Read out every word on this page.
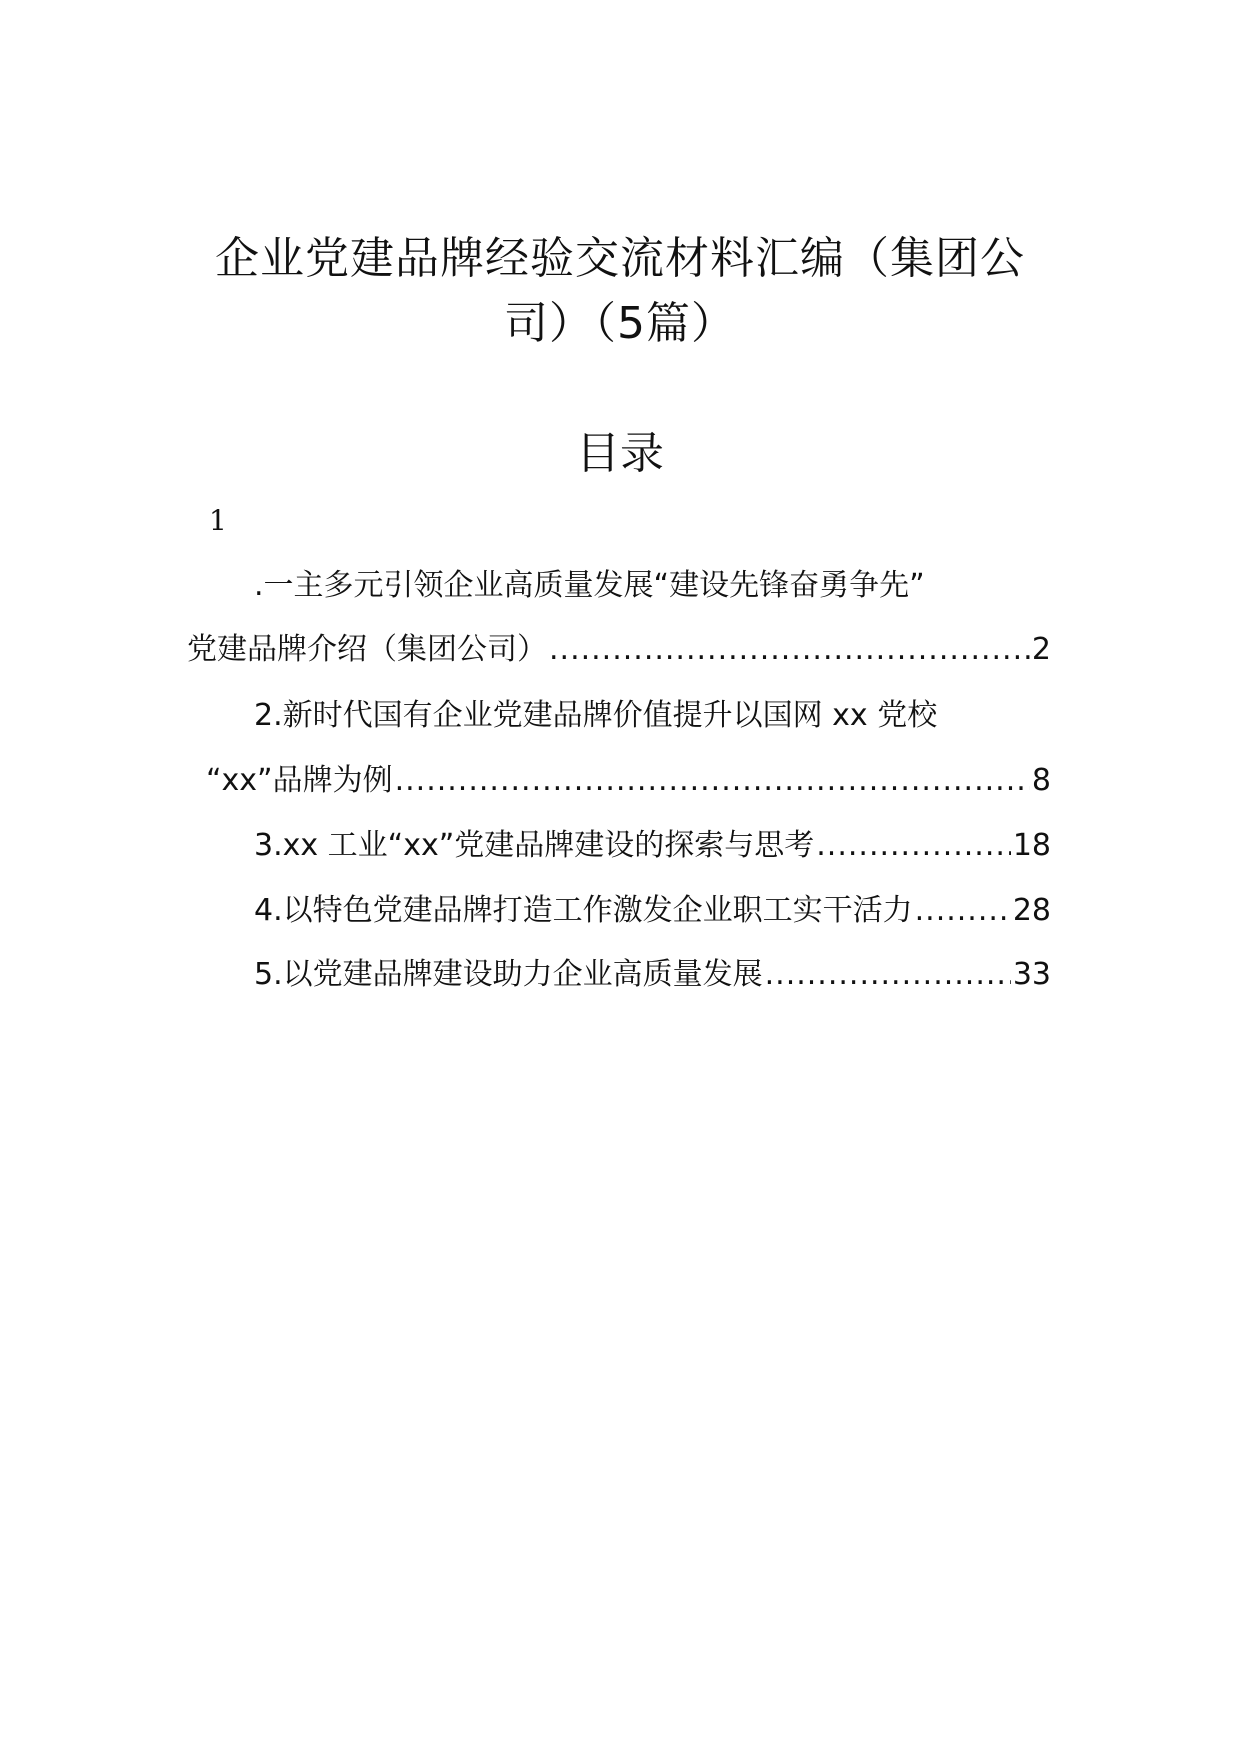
企业党建品牌经验交流材料汇编（集团公
司）（5篇）
目录
1
.一主多元引领企业高质量发展“建设先锋奋勇争先”
党建品牌介绍（集团公司） .....	2
2.新时代国有企业党建品牌价值提升以国网 xx 党校
“xx”品牌为例 .....	8
3.xx 工业“xx”党建品牌建设的探索与思考 .....	18
4.以特色党建品牌打造工作激发企业职工实干活力 .....	28
5.以党建品牌建设助力企业高质量发展 .....	33
